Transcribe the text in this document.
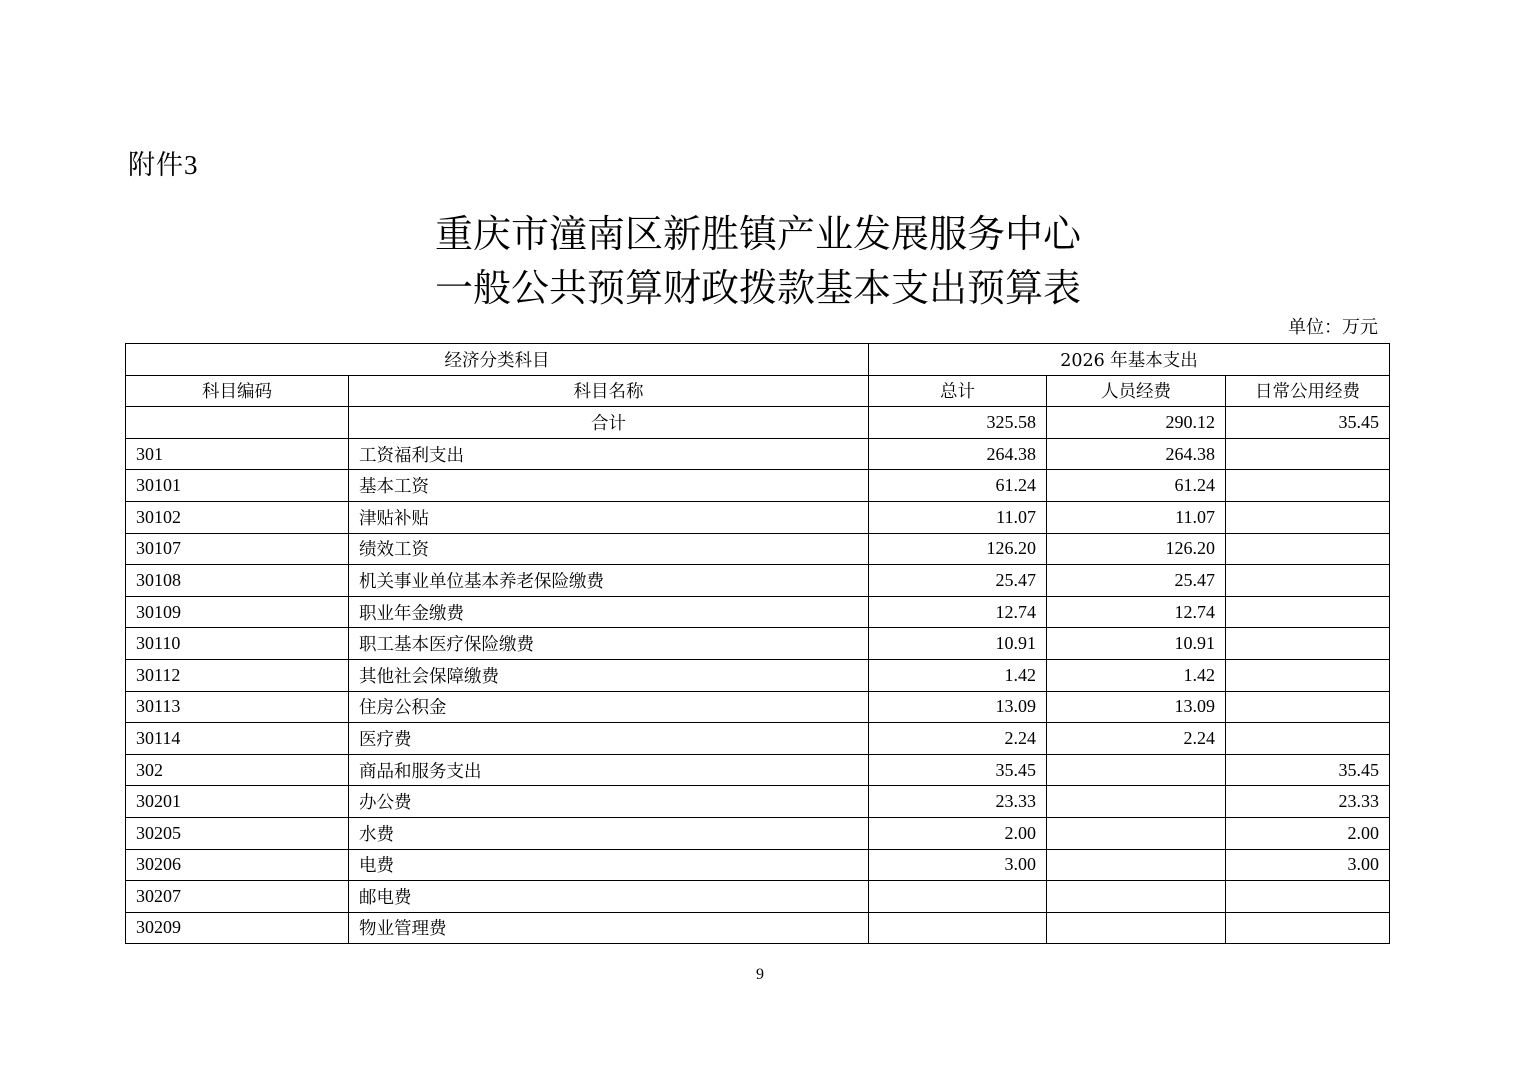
附件3
重庆市潼南区新胜镇产业发展服务中心
一般公共预算财政拨款基本支出预算表
单位：万元
经济分类科目		2026 年基本支出		
科目编码	科目名称	总计	人员经费	日常公用经费
	合计	325.58	290.12	35.45
301	工资福利支出	264.38	264.38	
30101	基本工资	61.24	61.24	
30102	津贴补贴	11.07	11.07	
30107	绩效工资	126.20	126.20	
30108	机关事业单位基本养老保险缴费	25.47	25.47	
30109	职业年金缴费	12.74	12.74	
30110	职工基本医疗保险缴费	10.91	10.91	
30112	其他社会保障缴费	1.42	1.42	
30113	住房公积金	13.09	13.09	
30114	医疗费	2.24	2.24	
302	商品和服务支出	35.45		35.45
30201	办公费	23.33		23.33
30205	水费	2.00		2.00
30206	电费	3.00		3.00
30207	邮电费			
30209	物业管理费			
9
